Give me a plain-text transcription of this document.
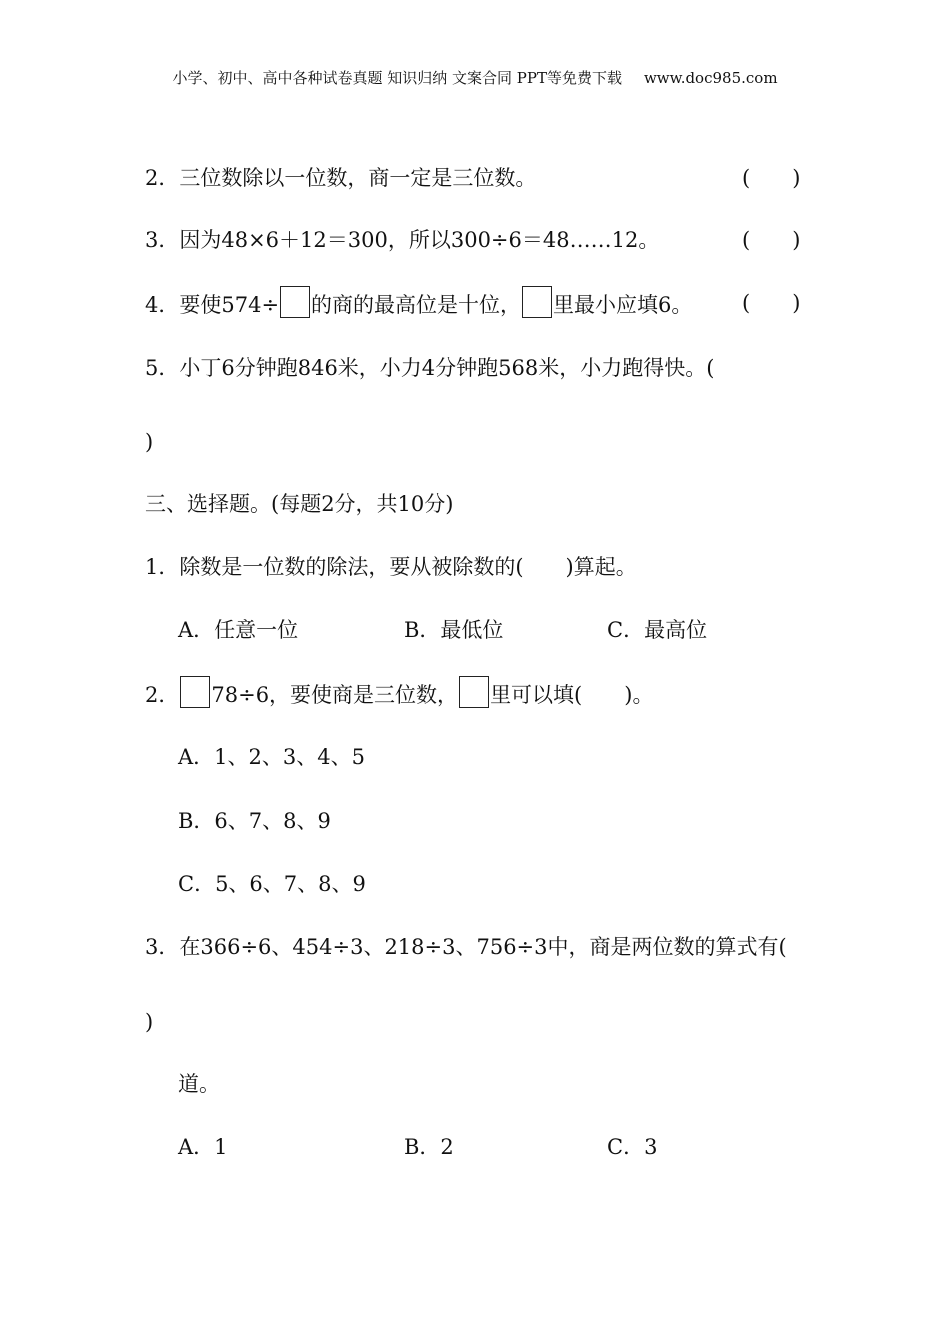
小学、初中、高中各种试卷真题 知识归纳 文案合同 PPT等免费下载 www.doc985.com
2．三位数除以一位数，商一定是三位数。	(　　)
3．因为48×6＋12＝300，所以300÷6＝48……12。	(　　)
4．要使574÷ 的商的最高位是十位， 里最小应填6。 (　　)
5．小丁6分钟跑846米，小力4分钟跑568米，小力跑得快。(
)
三、选择题。(每题2分，共10分)
1．除数是一位数的除法，要从被除数的(　　)算起。
A．任意一位	B．最低位	C．最高位
2． 78÷6，要使商是三位数， 里可以填(　　)。
A．1、2、3、4、5
B．6、7、8、9
C．5、6、7、8、9
3．在366÷6、454÷3、218÷3、756÷3中，商是两位数的算式有(
)
道。
A．1	B．2	C．3
